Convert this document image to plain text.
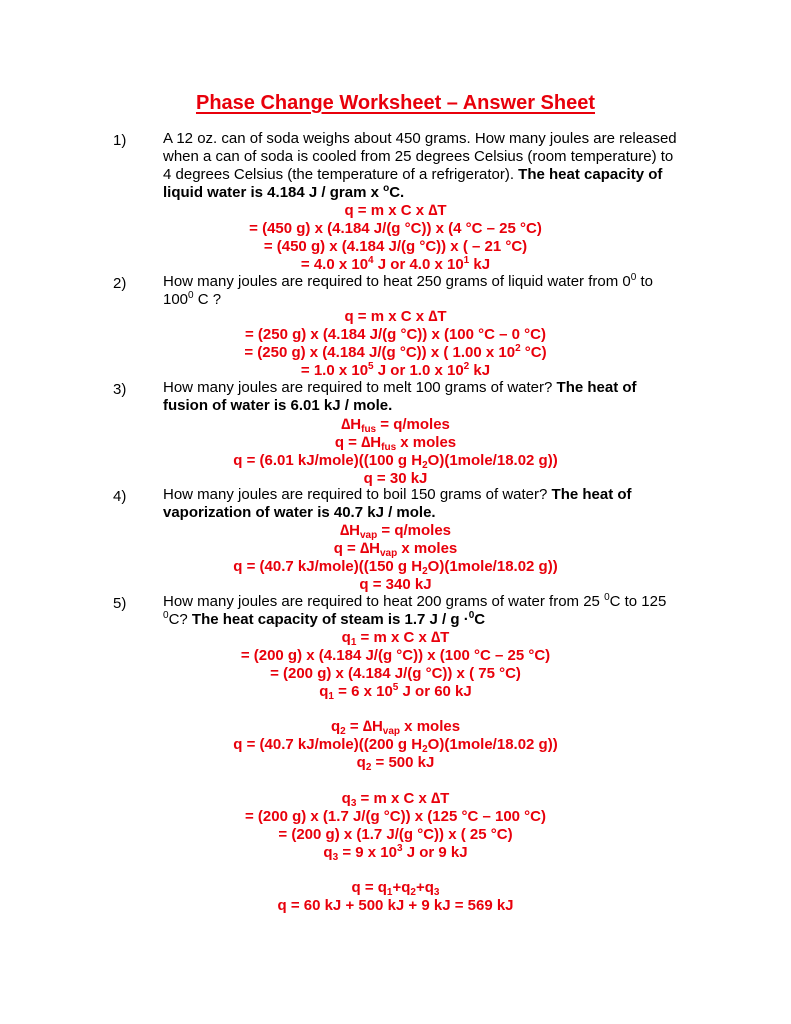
Phase Change Worksheet – Answer Sheet
1) A 12 oz. can of soda weighs about 450 grams. How many joules are released when a can of soda is cooled from 25 degrees Celsius (room temperature) to 4 degrees Celsius (the temperature of a refrigerator). The heat capacity of liquid water is 4.184 J / gram x $^o$C.
q = m x C x ∆T
= (450 g) x (4.184 J/(g °C)) x (4 °C – 25 °C)
= (450 g) x (4.184 J/(g °C)) x ( – 21 °C)
= 4.0 x $10^4$ J or 4.0 x $10^1$ kJ
2) How many joules are required to heat 250 grams of liquid water from $0^0$ to $100^0$ C ?
q = m x C x ∆T
= (250 g) x (4.184 J/(g °C)) x (100 °C – 0 °C)
= (250 g) x (4.184 J/(g °C)) x ( 1.00 x $10^2$ °C)
= 1.0 x $10^5$ J or 1.0 x $10^2$ kJ
3) How many joules are required to melt 100 grams of water? The heat of fusion of water is 6.01 kJ / mole.
$\Delta H_{fus}$ = q/moles
$q = \Delta H_{fus}$ x moles
q = (6.01 kJ/mole)((100 g $H_2O)(1mole/18.02$ g))
q = 30 kJ
4) How many joules are required to boil 150 grams of water? The heat of vaporization of water is 40.7 kJ / mole.
$\Delta H_{vap}$ = q/moles
$q = \Delta H_{vap}$ x moles
q = (40.7 kJ/mole)((150 g $H_2O)(1mole/18.02$ g))
q = 340 kJ
5) How many joules are required to heat 200 grams of water from 25 $^0$C to 125 $^0$C? The heat capacity of steam is 1.7 J / g ·$^0$C
$q_1 = m$ x C x ∆T
= (200 g) x (4.184 J/(g °C)) x (100 °C – 25 °C)
= (200 g) x (4.184 J/(g °C)) x ( 75 °C)
$q_1 = 6$ x $10^5$ J or 60 kJ
$q_2 = \Delta H_{vap}$ x moles
q = (40.7 kJ/mole)((200 g $H_2O)(1mole/18.02$ g))
$q_2 = 500$ kJ
$q_3 = m$ x C x ∆T
= (200 g) x (1.7 J/(g °C)) x (125 °C – 100 °C)
= (200 g) x (1.7 J/(g °C)) x ( 25 °C)
$q_3 = 9$ x $10^3$ J or 9 kJ
$q = q_1+q_2+q_3$
q = 60 kJ + 500 kJ + 9 kJ = 569 kJ
